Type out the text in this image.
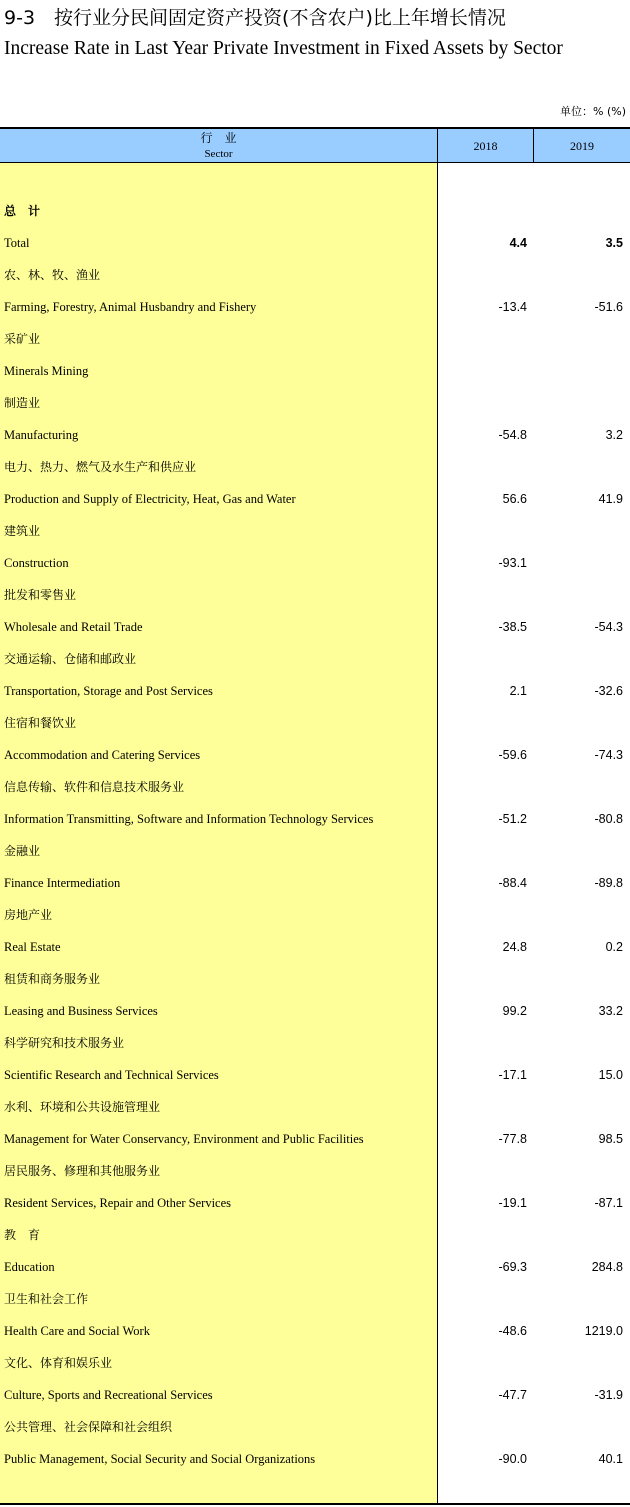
9-3　按行业分民间固定资产投资(不含农户)比上年增长情况
Increase Rate in Last Year Private Investment in Fixed Assets by Sector
单位：% (%)
行　业
Sector
2018	2019
总　计
Total	4.4	3.5
农、林、牧、渔业
Farming, Forestry, Animal Husbandry and Fishery	-13.4	-51.6
采矿业
Minerals Mining
制造业
Manufacturing	-54.8	3.2
电力、热力、燃气及水生产和供应业
Production and Supply of Electricity, Heat, Gas and Water	56.6	41.9
建筑业
Construction	-93.1
批发和零售业
Wholesale and Retail Trade	-38.5	-54.3
交通运输、仓储和邮政业
Transportation, Storage and Post Services	2.1	-32.6
住宿和餐饮业
Accommodation and Catering Services	-59.6	-74.3
信息传输、软件和信息技术服务业
Information Transmitting, Software and Information Technology Services	-51.2	-80.8
金融业
Finance Intermediation	-88.4	-89.8
房地产业
Real Estate	24.8	0.2
租赁和商务服务业
Leasing and Business Services	99.2	33.2
科学研究和技术服务业
Scientific Research and Technical Services	-17.1	15.0
水利、环境和公共设施管理业
Management for Water Conservancy, Environment and Public Facilities	-77.8	98.5
居民服务、修理和其他服务业
Resident Services, Repair and Other Services	-19.1	-87.1
教　育
Education	-69.3	284.8
卫生和社会工作
Health Care and Social Work	-48.6	1219.0
文化、体育和娱乐业
Culture, Sports and Recreational Services	-47.7	-31.9
公共管理、社会保障和社会组织
Public Management, Social Security and Social Organizations	-90.0	40.1
